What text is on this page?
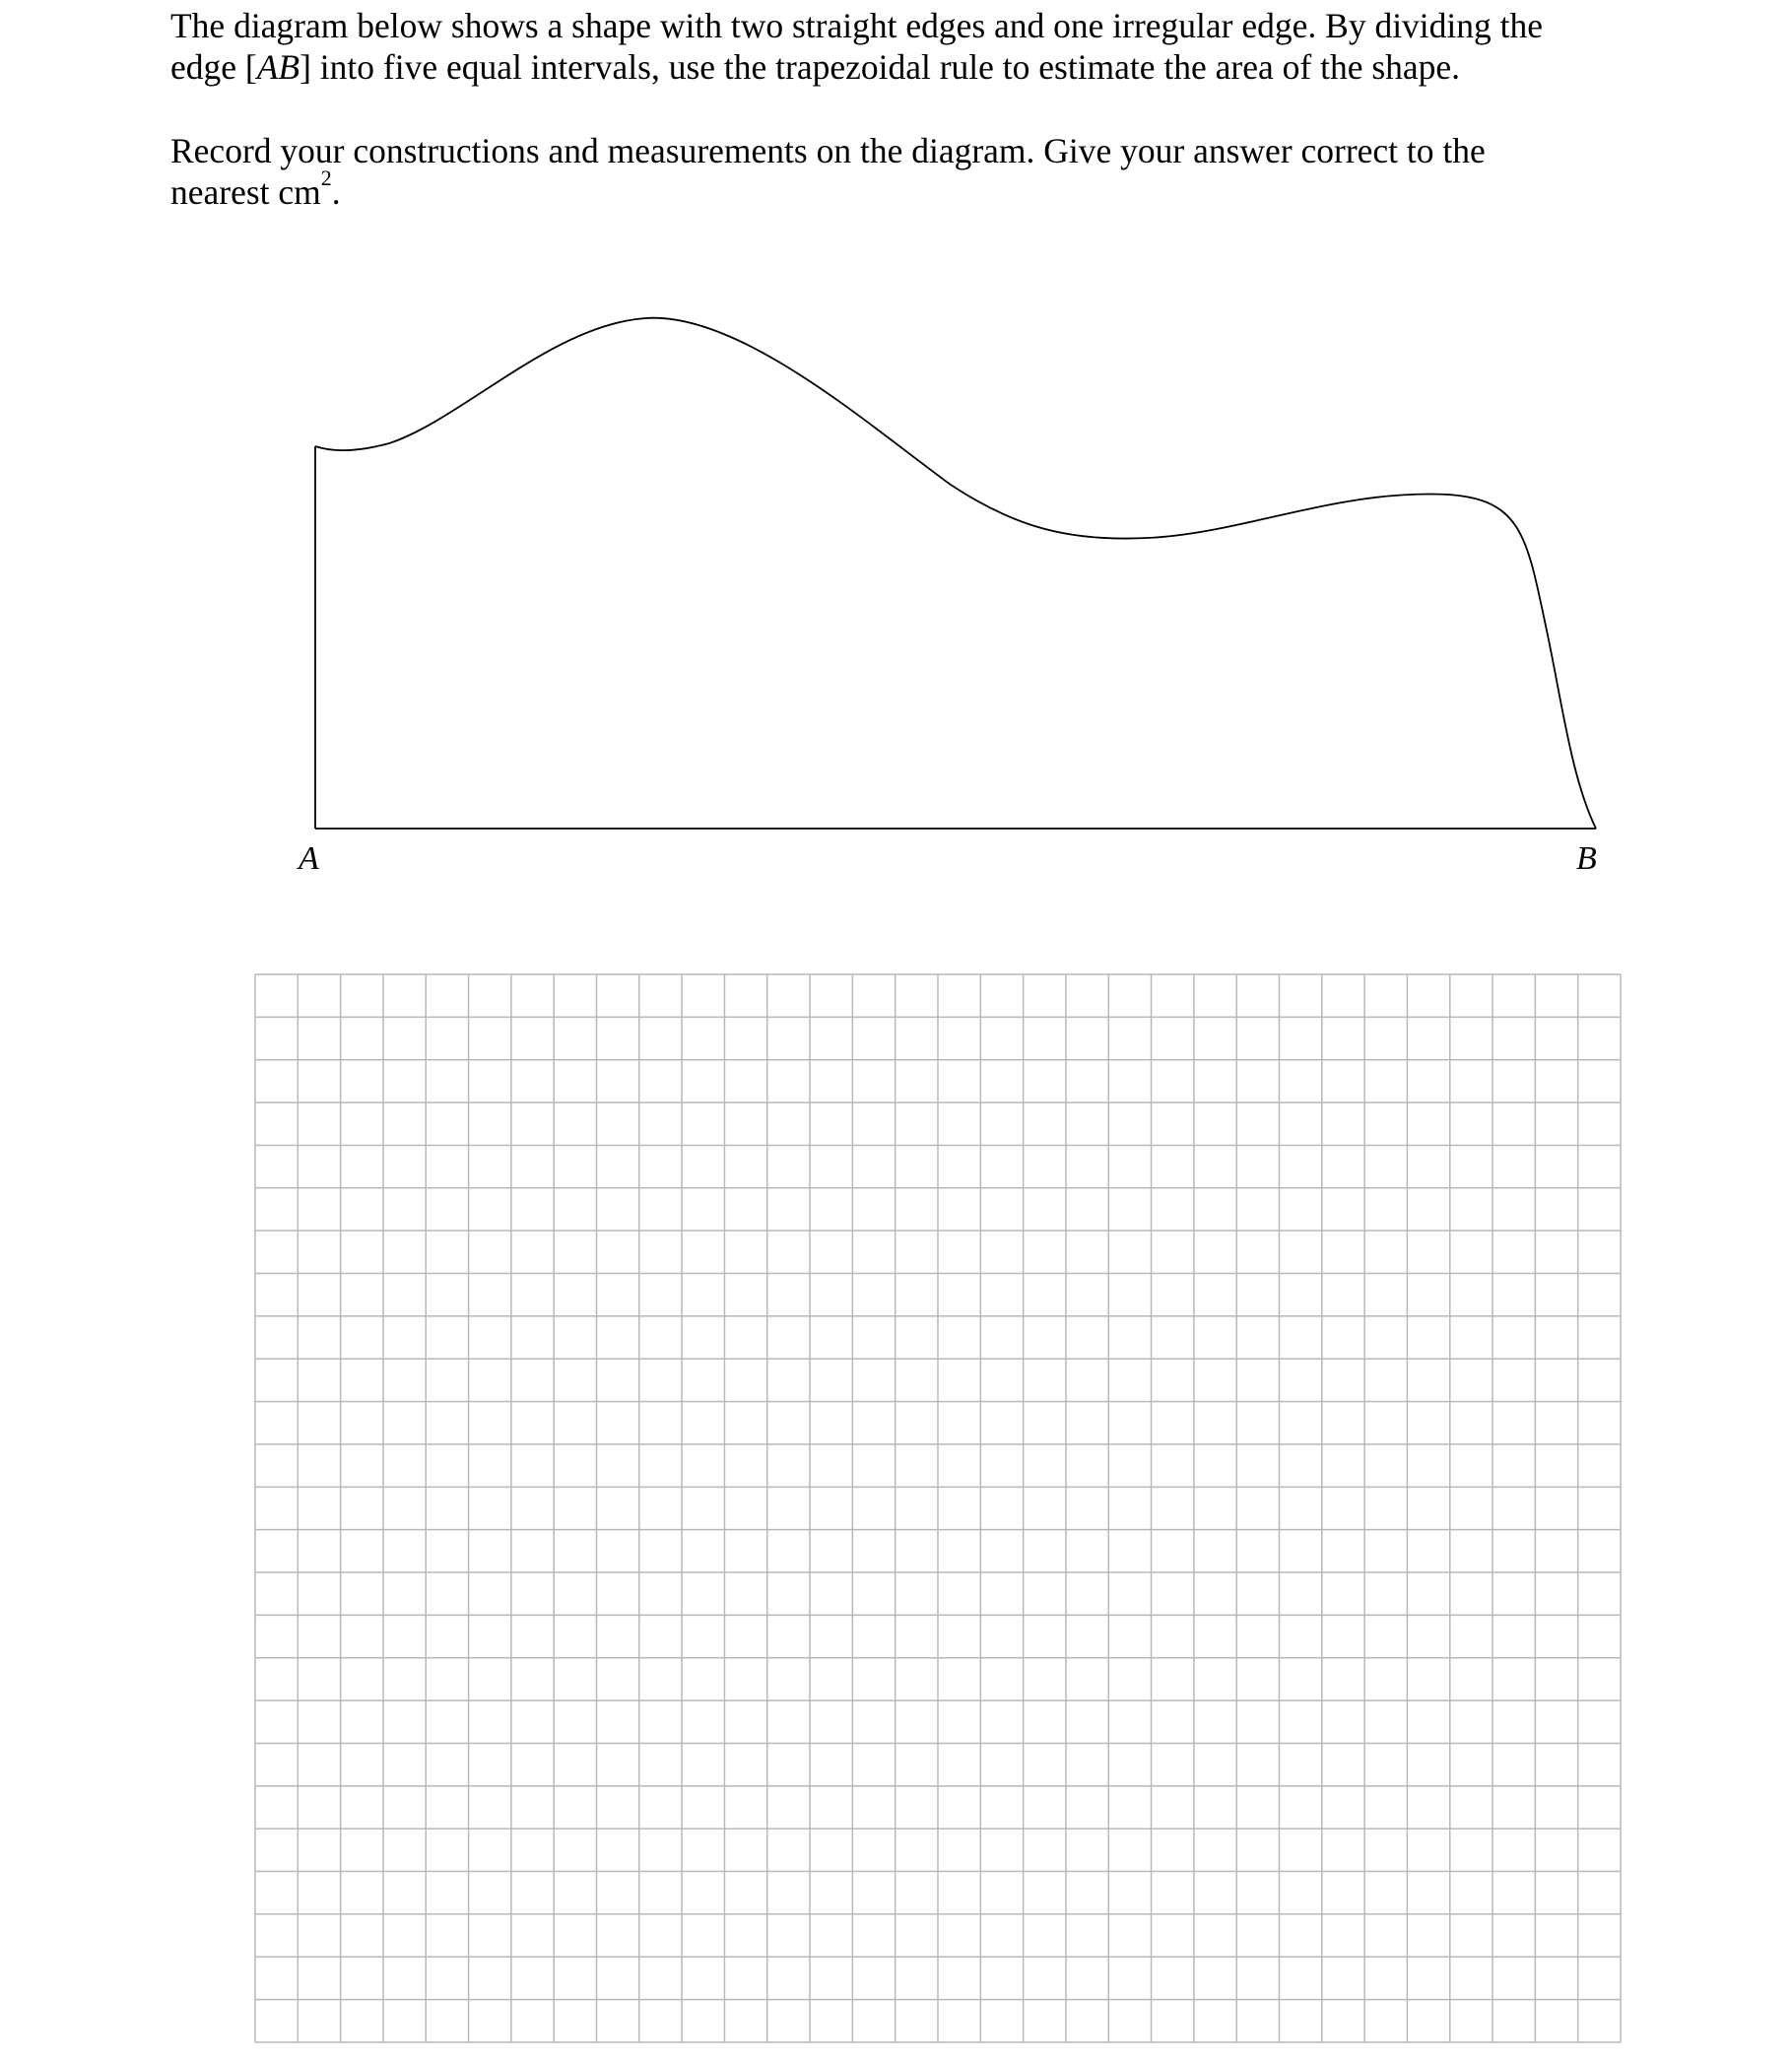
The diagram below shows a shape with two straight edges and one irregular edge. By dividing the
edge [AB] into five equal intervals, use the trapezoidal rule to estimate the area of the shape.
Record your constructions and measurements on the diagram. Give your answer correct to the
nearest $cm^2$.
A	B
